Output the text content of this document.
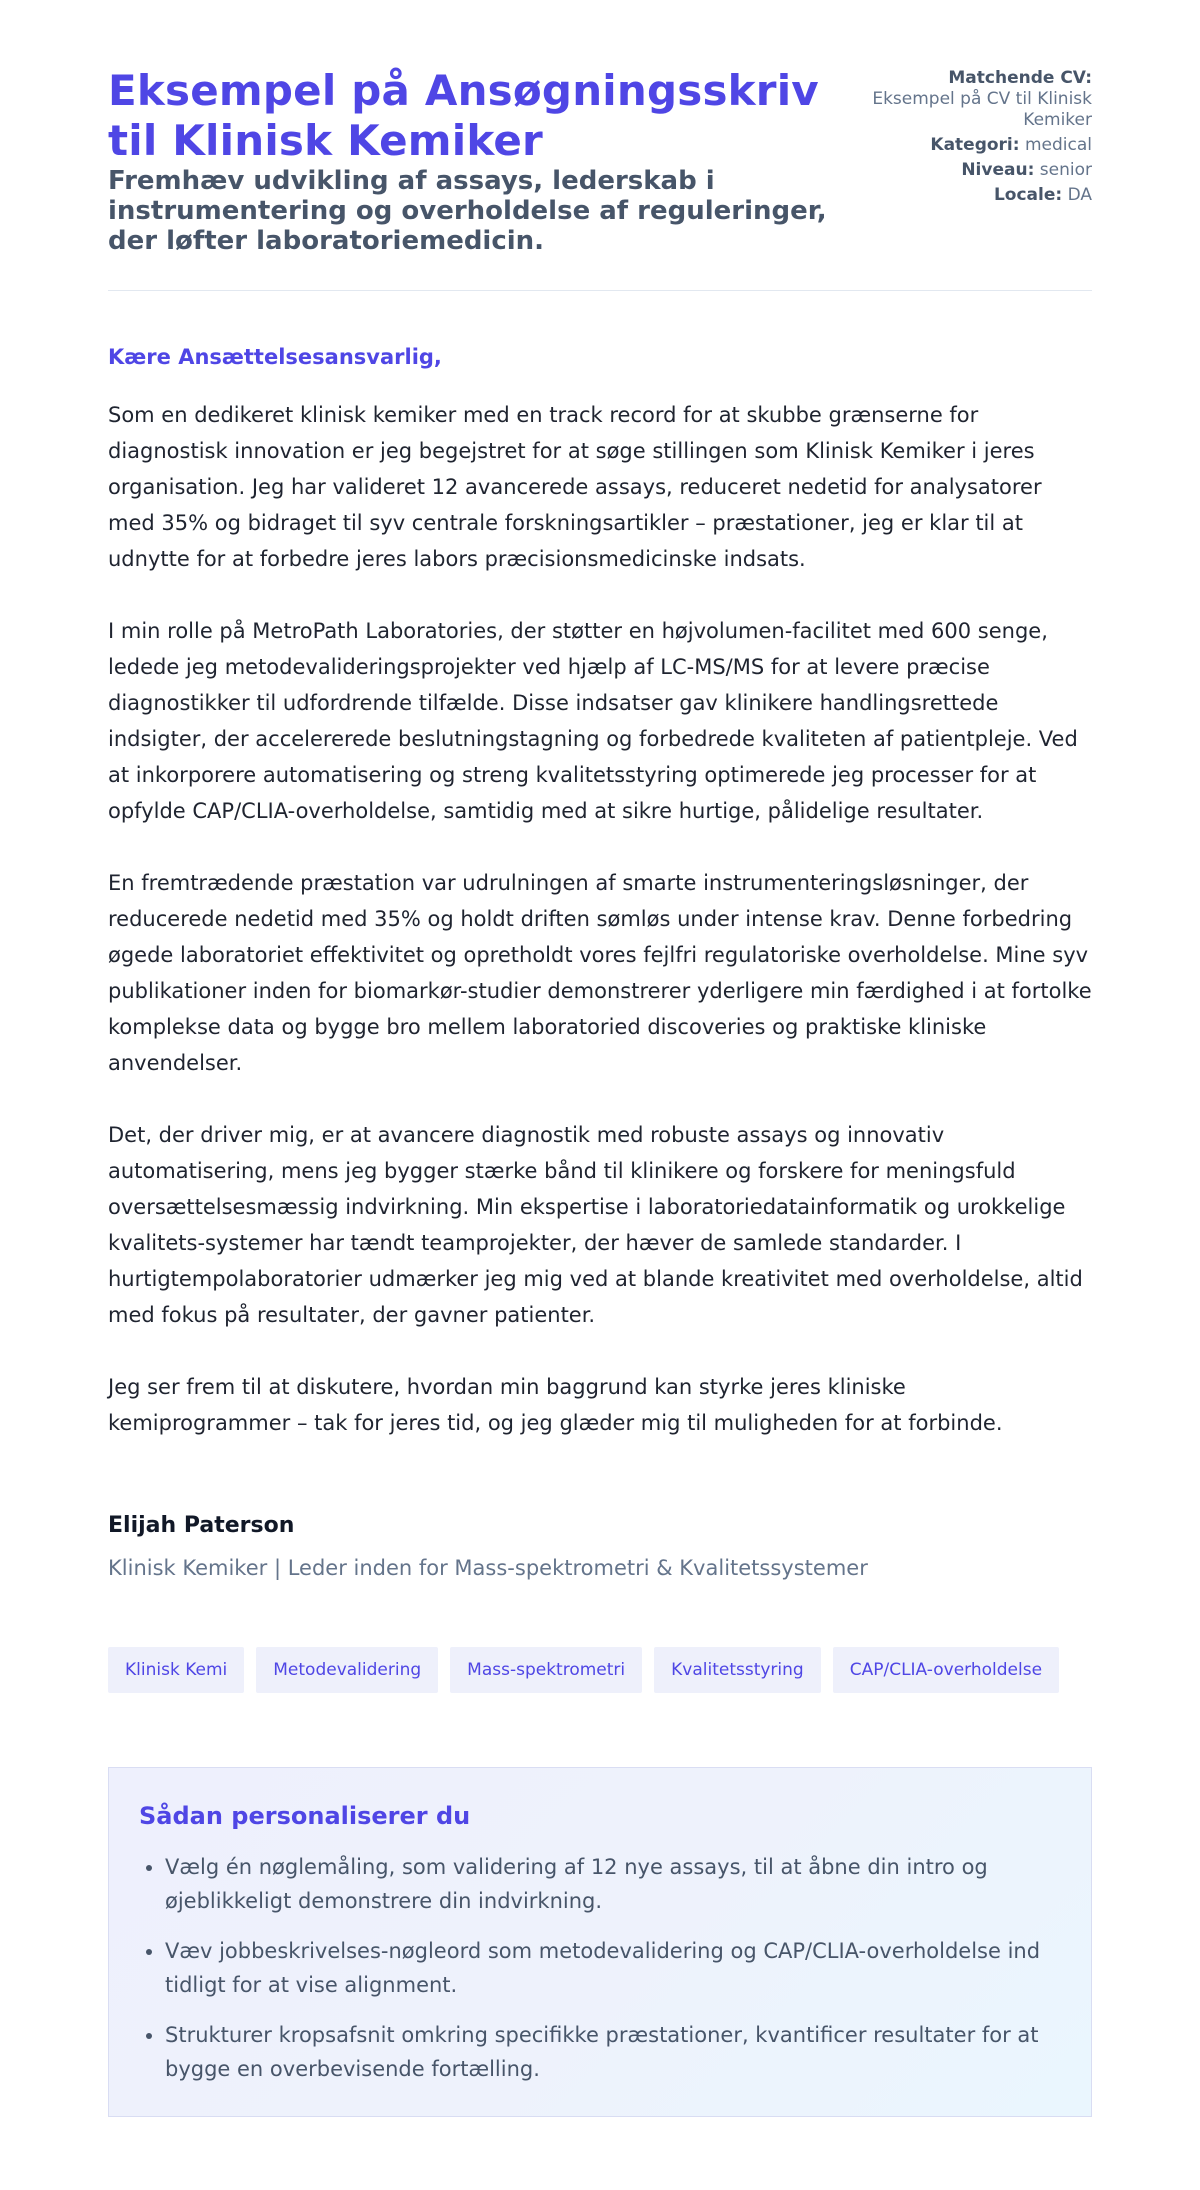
Eksempel på Ansøgningsskriv til Klinisk Kemiker
Fremhæv udvikling af assays, lederskab i instrumentering og overholdelse af reguleringer, der løfter laboratoriemedicin.
Matchende CV:
Eksempel på CV til Klinisk Kemiker
Kategori: medical
Niveau: senior
Locale: DA
Kære Ansættelsesansvarlig,

Som en dedikeret klinisk kemiker med en track record for at skubbe grænserne for diagnostisk innovation er jeg begejstret for at søge stillingen som Klinisk Kemiker i jeres organisation. Jeg har valideret 12 avancerede assays, reduceret nedetid for analysatorer med 35% og bidraget til syv centrale forskningsartikler – præstationer, jeg er klar til at udnytte for at forbedre jeres labors præcisionsmedicinske indsats.

I min rolle på MetroPath Laboratories, der støtter en højvolumen-facilitet med 600 senge, ledede jeg metodevalideringsprojekter ved hjælp af LC-MS/MS for at levere præcise diagnostikker til udfordrende tilfælde. Disse indsatser gav klinikere handlingsrettede indsigter, der accelererede beslutningstagning og forbedrede kvaliteten af patientpleje. Ved at inkorporere automatisering og streng kvalitetsstyring optimerede jeg processer for at opfylde CAP/CLIA-overholdelse, samtidig med at sikre hurtige, pålidelige resultater.

En fremtrædende præstation var udrulningen af smarte instrumenteringsløsninger, der reducerede nedetid med 35% og holdt driften sømløs under intense krav. Denne forbedring øgede laboratoriet effektivitet og opretholdt vores fejlfri regulatoriske overholdelse. Mine syv publikationer inden for biomarkør-studier demonstrerer yderligere min færdighed i at fortolke komplekse data og bygge bro mellem laboratoried discoveries og praktiske kliniske anvendelser.

Det, der driver mig, er at avancere diagnostik med robuste assays og innovativ automatisering, mens jeg bygger stærke bånd til klinikere og forskere for meningsfuld oversættelsesmæssig indvirkning. Min ekspertise i laboratoriedatainformatik og urokkelige kvalitets-systemer har tændt teamprojekter, der hæver de samlede standarder. I hurtigtempolaboratorier udmærker jeg mig ved at blande kreativitet med overholdelse, altid med fokus på resultater, der gavner patienter.

Jeg ser frem til at diskutere, hvordan min baggrund kan styrke jeres kliniske kemiprogrammer – tak for jeres tid, og jeg glæder mig til muligheden for at forbinde.

Elijah Paterson
Klinisk Kemiker | Leder inden for Mass-spektrometri & Kvalitetssystemer
Klinisk Kemi	Metodevalidering	Mass-spektrometri	Kvalitetsstyring	CAP/CLIA-overholdelse
Sådan personaliserer du
• Vælg én nøglemåling, som validering af 12 nye assays, til at åbne din intro og øjeblikkeligt demonstrere din indvirkning.
• Væv jobbeskrivelses-nøgleord som metodevalidering og CAP/CLIA-overholdelse ind tidligt for at vise alignment.
• Strukturer kropsafsnit omkring specifikke præstationer, kvantificer resultater for at bygge en overbevisende fortælling.
